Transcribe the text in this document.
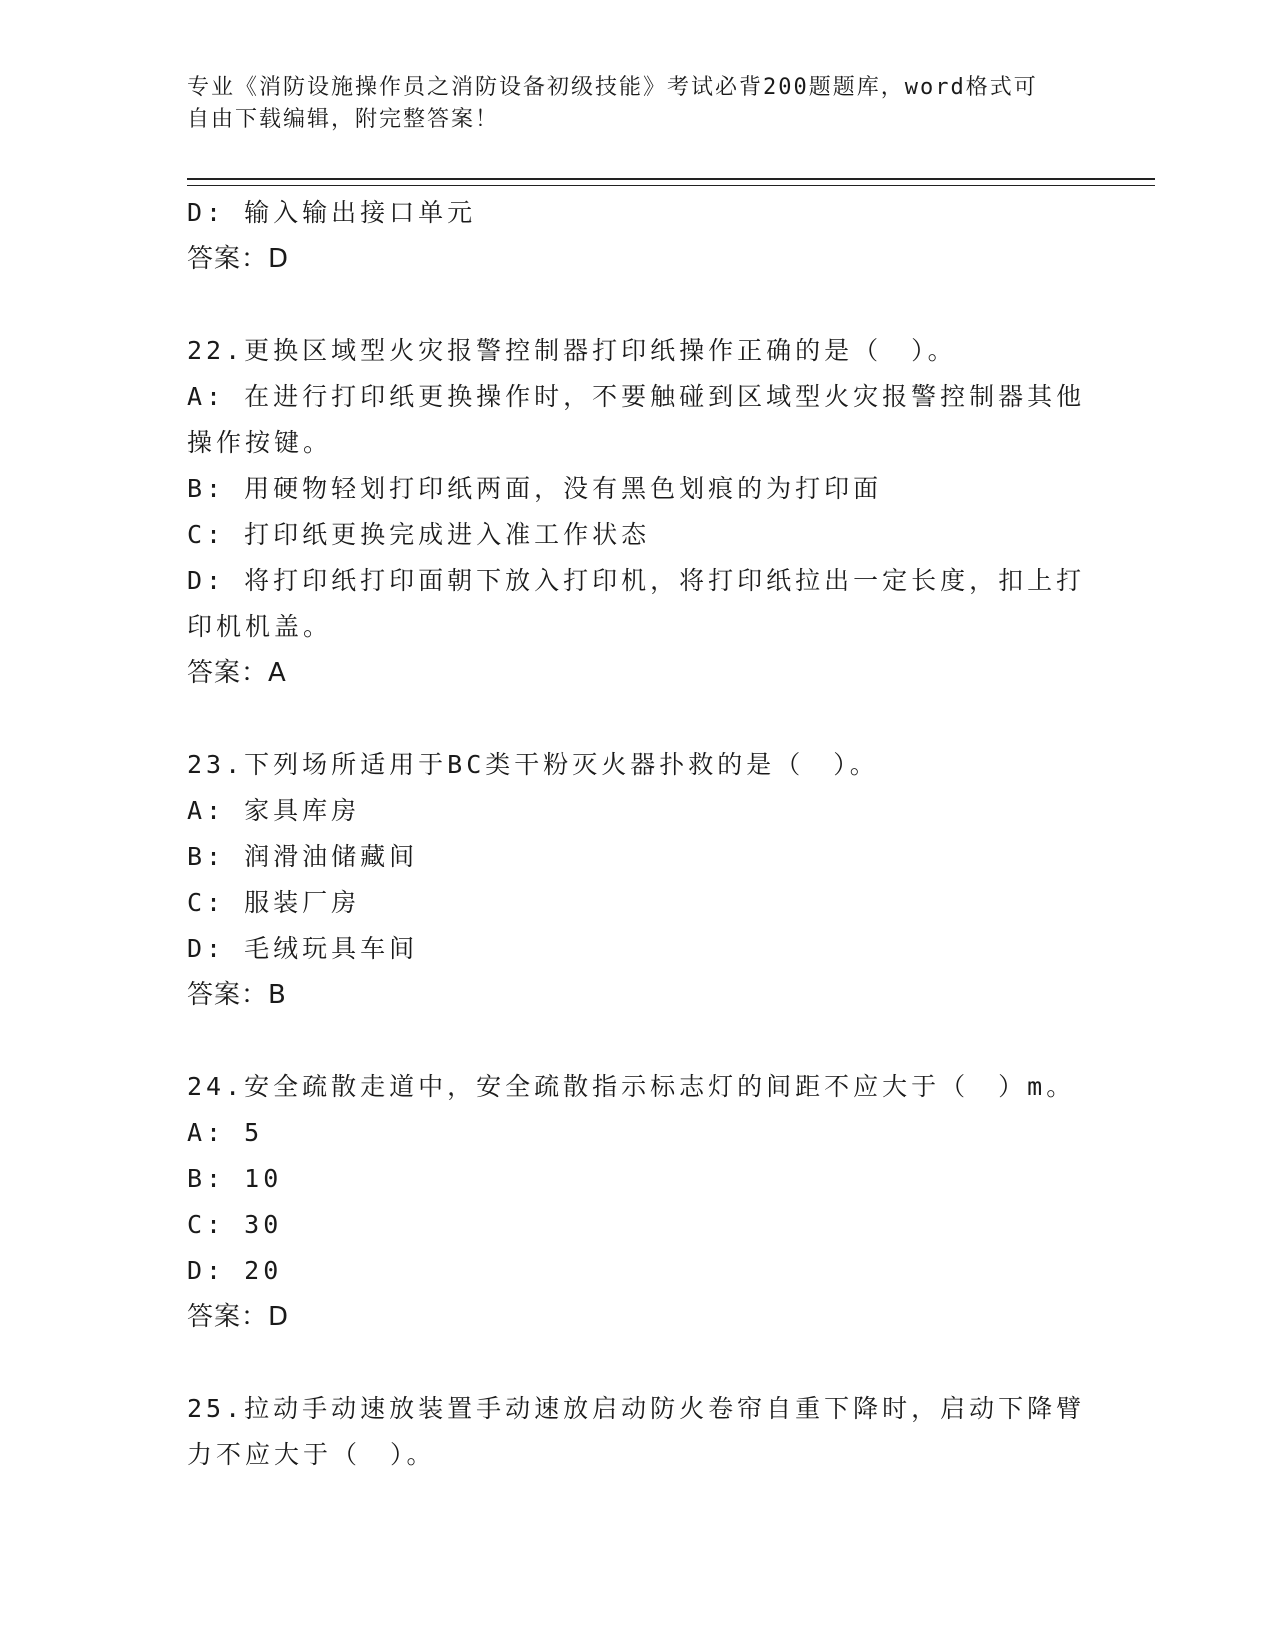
专业《消防设施操作员之消防设备初级技能》考试必背200题题库，word格式可
自由下载编辑，附完整答案！

D: 输入输出接口单元

答案：D

22.更换区域型火灾报警控制器打印纸操作正确的是（　）。

A: 在进行打印纸更换操作时，不要触碰到区域型火灾报警控制器其他

操作按键。

B: 用硬物轻划打印纸两面，没有黑色划痕的为打印面

C: 打印纸更换完成进入准工作状态

D: 将打印纸打印面朝下放入打印机，将打印纸拉出一定长度，扣上打

印机机盖。

答案：A

23.下列场所适用于BC类干粉灭火器扑救的是（　）。

A: 家具库房

B: 润滑油储藏间

C: 服装厂房

D: 毛绒玩具车间

答案：B

24.安全疏散走道中，安全疏散指示标志灯的间距不应大于（　）m。

A: 5

B: 10

C: 30

D: 20

答案：D

25.拉动手动速放装置手动速放启动防火卷帘自重下降时，启动下降臂

力不应大于（　）。
